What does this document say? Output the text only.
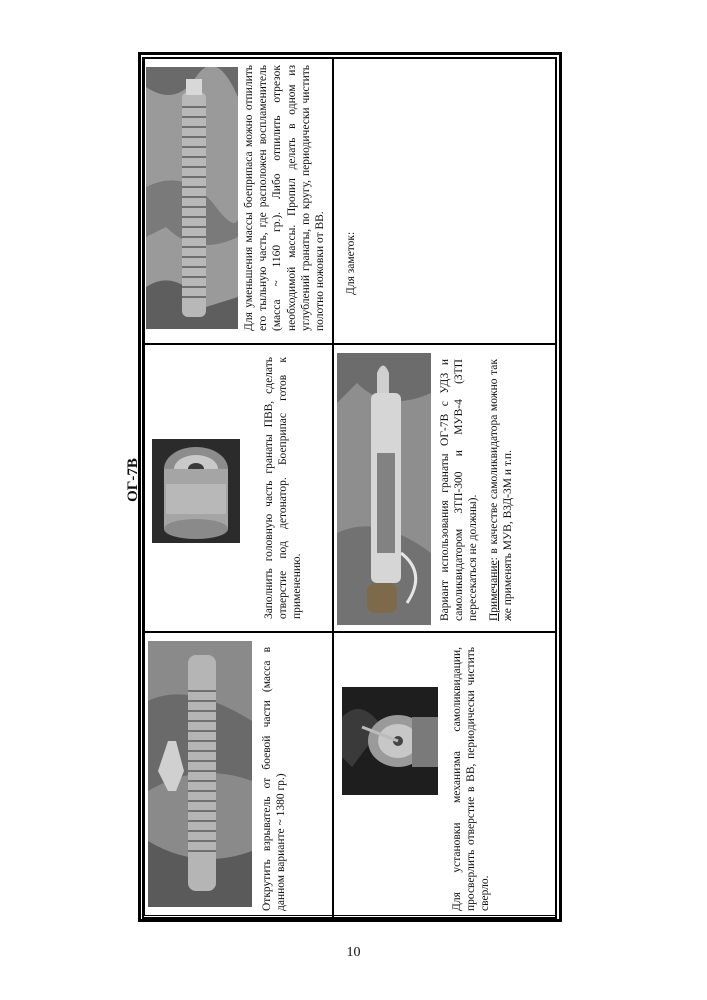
ОГ-7В
Для уменьшения массы боеприпаса можно отпилить его тыльную часть, где расположен воспламенитель (масса ~ 1160 гр.). Либо отпилить отрезок необходимой массы. Пропил делать в одном из углублений гранаты, по кругу, периодически чистить полотно ножовки от ВВ.	Для заметок:
Заполнить головную часть гранаты ПВВ, сделать отверстие под детонатор. Боеприпас готов к применению.	Вариант использования гранаты ОГ-7В с УДЗ и самоликвидатором ЗТП-300 и МУВ-4 (ЗТП пересекаться не должны). Примечание: в качестве самоликвидатора можно так же применять МУВ, ВЗД-3М и т.п.

Открутить взрыватель от боевой части (масса в данном варианте ~ 1380 гр.)	Для установки механизма самоликвидации, просверлить отверстие в ВВ, периодически чистить сверло.
10
